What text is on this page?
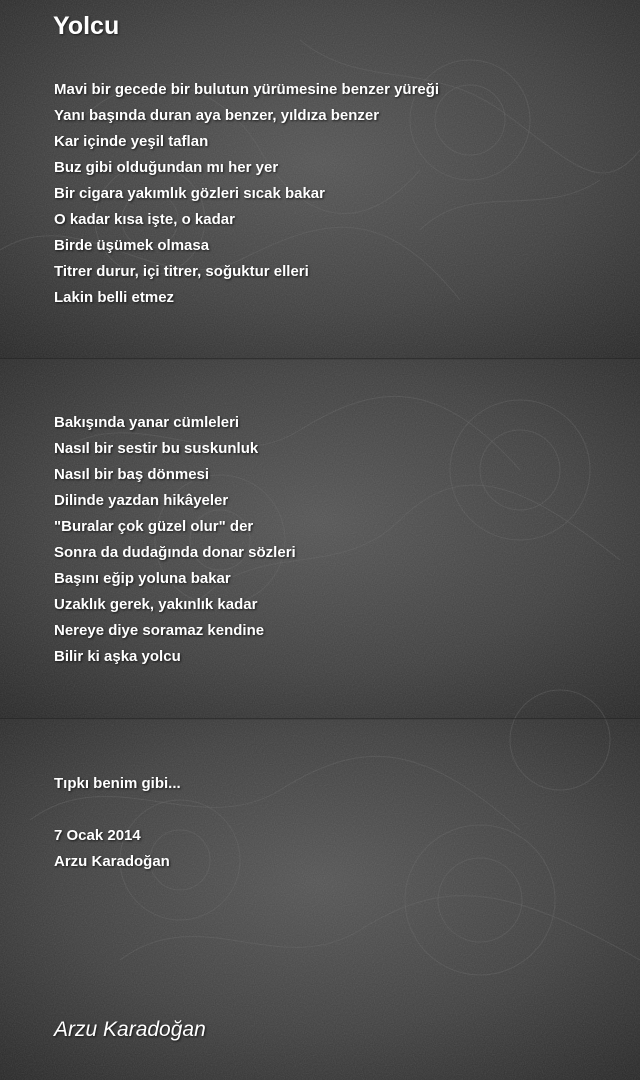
Yolcu
Mavi bir gecede bir bulutun yürümesine benzer yüreği
Yanı başında duran aya benzer, yıldıza benzer
Kar içinde yeşil taflan
Buz gibi olduğundan mı her yer
Bir cigara yakımlık gözleri sıcak bakar
O kadar kısa işte, o kadar
Birde üşümek olmasa
Titrer durur, içi titrer, soğuktur elleri
Lakin belli etmez
Bakışında yanar cümleleri
Nasıl bir sestir bu suskunluk
Nasıl bir baş dönmesi
Dilinde yazdan hikâyeler
"Buralar çok güzel olur" der
Sonra da dudağında donar sözleri
Başını eğip yoluna bakar
Uzaklık gerek, yakınlık kadar
Nereye diye soramaz kendine
Bilir ki aşka yolcu
Tıpkı benim gibi...
7 Ocak 2014
Arzu Karadoğan
Arzu Karadoğan
